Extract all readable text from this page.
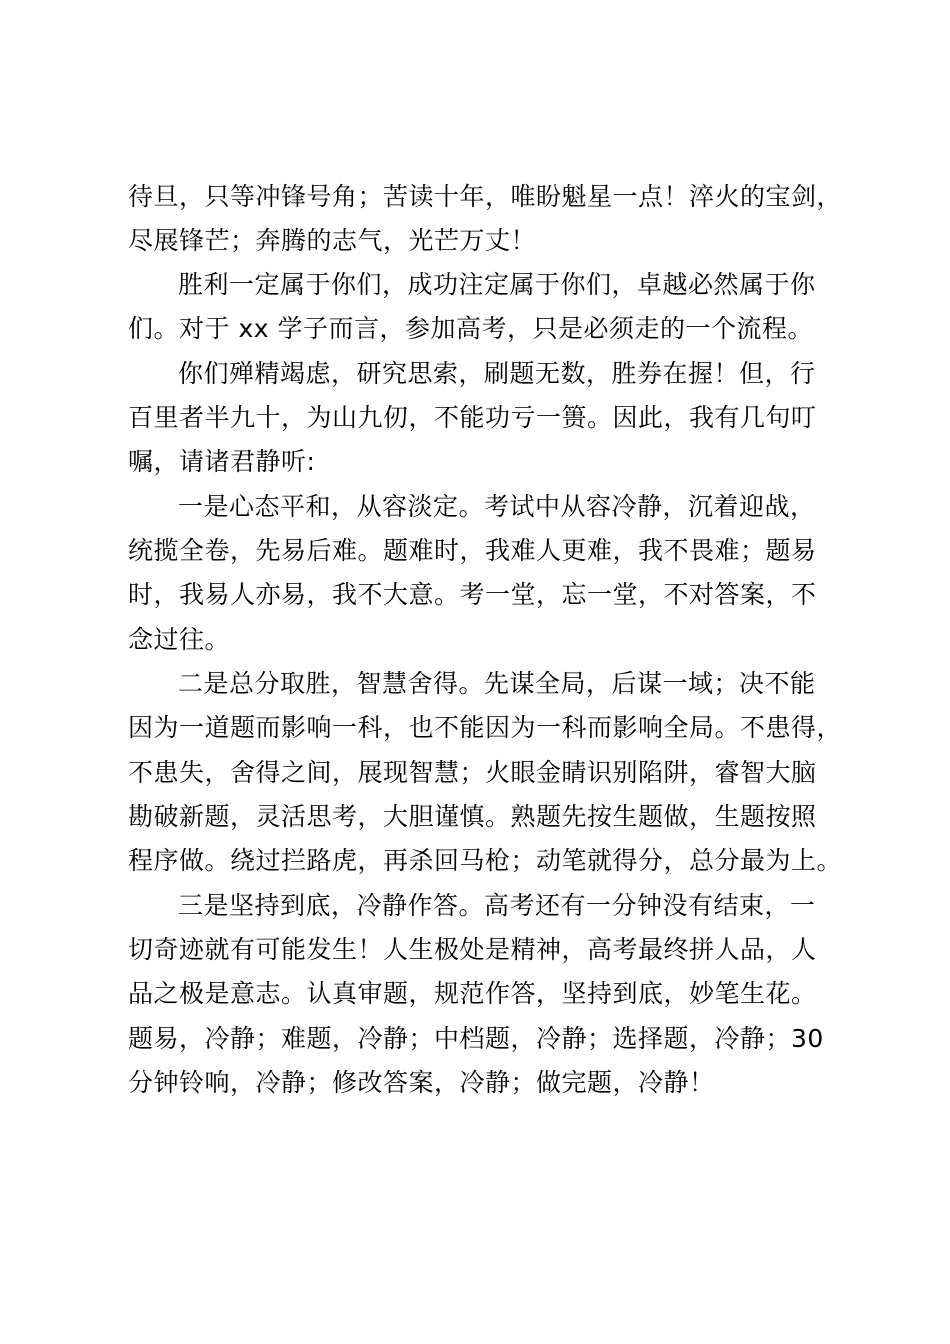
待旦，只等冲锋号角；苦读十年，唯盼魁星一点！淬火的宝剑，
尽展锋芒；奔腾的志气，光芒万丈！
胜利一定属于你们，成功注定属于你们，卓越必然属于你
们。对于 xx 学子而言，参加高考，只是必须走的一个流程。
你们殚精竭虑，研究思索，刷题无数，胜券在握！但，行
百里者半九十，为山九仞，不能功亏一篑。因此，我有几句叮
嘱，请诸君静听:
一是心态平和，从容淡定。考试中从容冷静，沉着迎战，
统揽全卷，先易后难。题难时，我难人更难，我不畏难；题易
时，我易人亦易，我不大意。考一堂，忘一堂，不对答案，不
念过往。
二是总分取胜，智慧舍得。先谋全局，后谋一域；决不能
因为一道题而影响一科，也不能因为一科而影响全局。不患得，
不患失，舍得之间，展现智慧；火眼金睛识别陷阱，睿智大脑
勘破新题，灵活思考，大胆谨慎。熟题先按生题做，生题按照
程序做。绕过拦路虎，再杀回马枪；动笔就得分，总分最为上。
三是坚持到底，冷静作答。高考还有一分钟没有结束，一
切奇迹就有可能发生！人生极处是精神，高考最终拼人品，人
品之极是意志。认真审题，规范作答，坚持到底，妙笔生花。
题易，冷静；难题，冷静；中档题，冷静；选择题，冷静；30
分钟铃响，冷静；修改答案，冷静；做完题，冷静！
